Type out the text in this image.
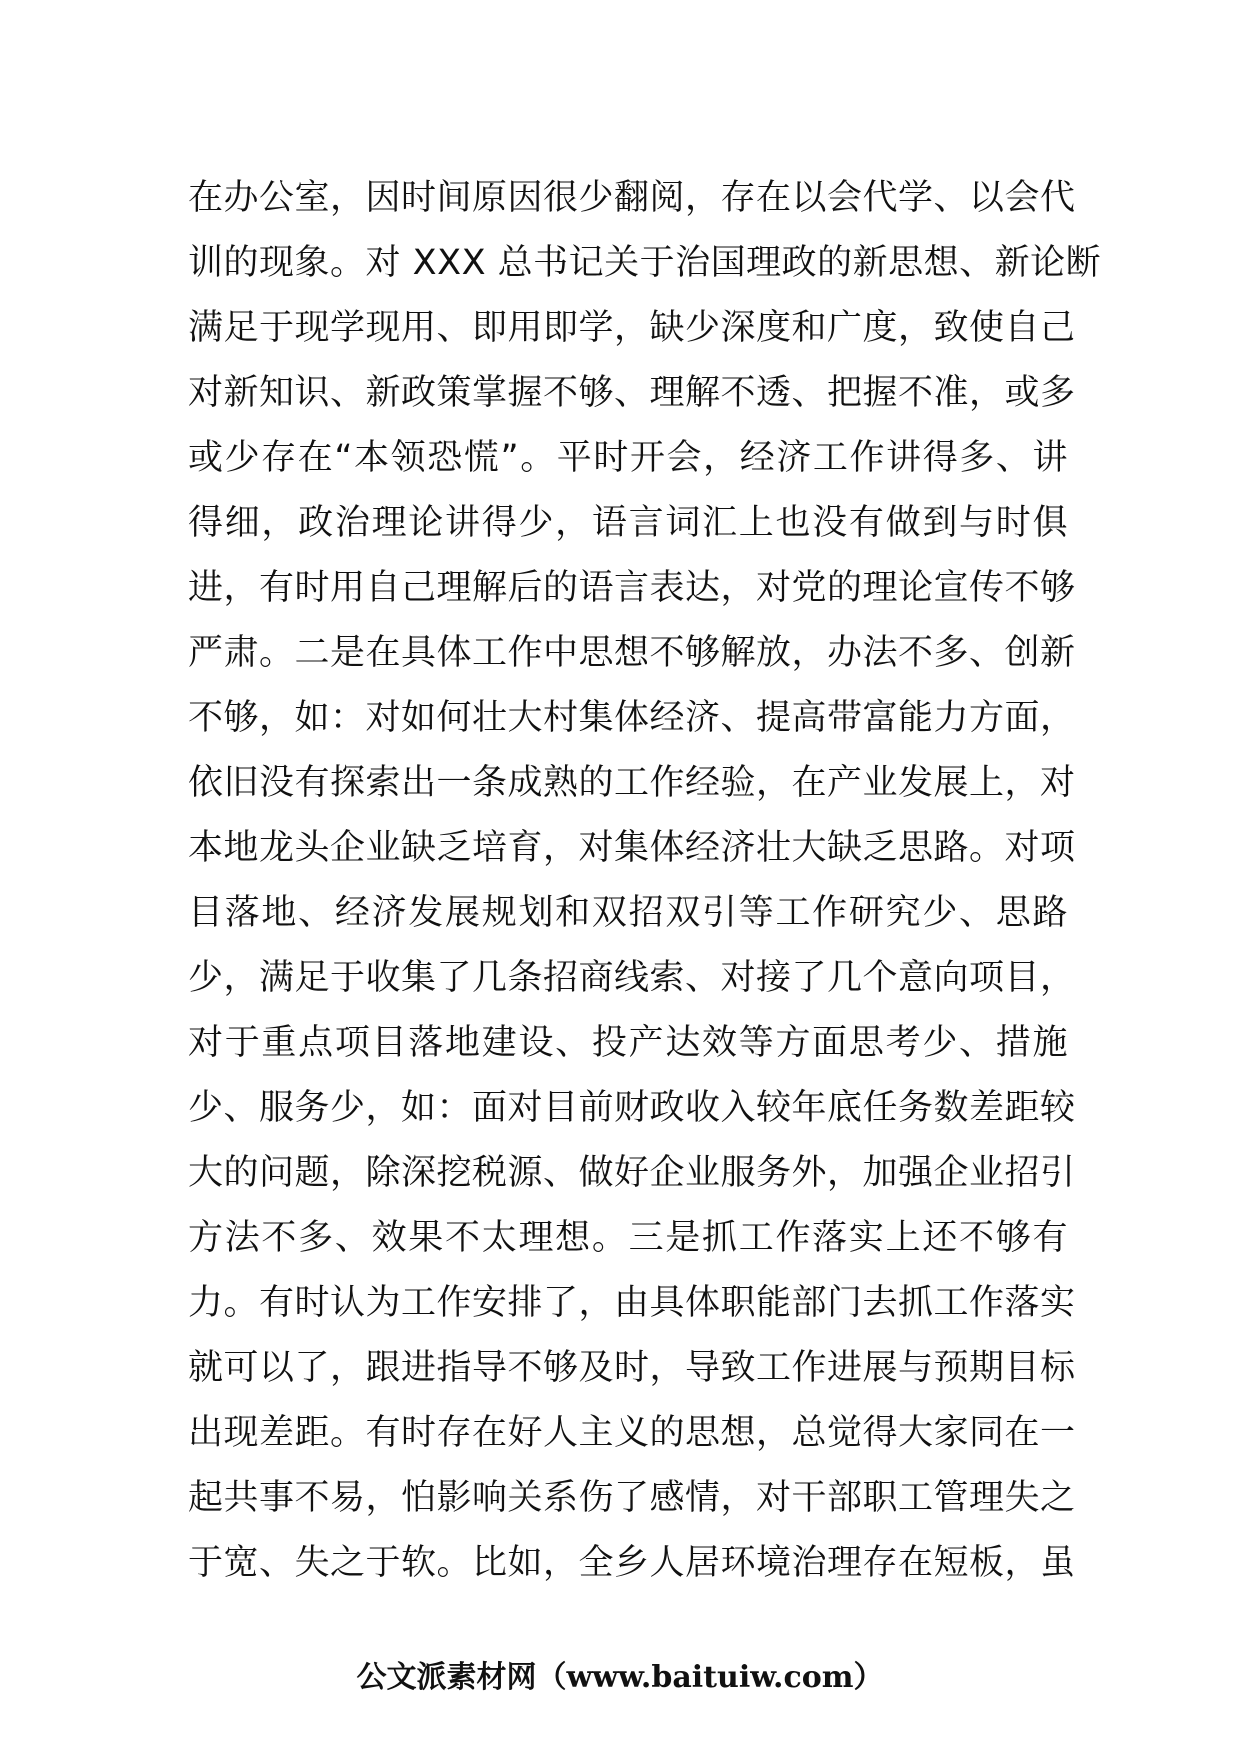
在办公室，因时间原因很少翻阅，存在以会代学、以会代
训的现象。对 XXX 总书记关于治国理政的新思想、新论断
满足于现学现用、即用即学，缺少深度和广度，致使自己
对新知识、新政策掌握不够、理解不透、把握不准，或多
或少存在“本领恐慌”。平时开会，经济工作讲得多、讲
得细，政治理论讲得少，语言词汇上也没有做到与时俱
进，有时用自己理解后的语言表达，对党的理论宣传不够
严肃。二是在具体工作中思想不够解放，办法不多、创新
不够，如：对如何壮大村集体经济、提高带富能力方面，
依旧没有探索出一条成熟的工作经验，在产业发展上，对
本地龙头企业缺乏培育，对集体经济壮大缺乏思路。对项
目落地、经济发展规划和双招双引等工作研究少、思路
少，满足于收集了几条招商线索、对接了几个意向项目，
对于重点项目落地建设、投产达效等方面思考少、措施
少、服务少，如：面对目前财政收入较年底任务数差距较
大的问题，除深挖税源、做好企业服务外，加强企业招引
方法不多、效果不太理想。三是抓工作落实上还不够有
力。有时认为工作安排了，由具体职能部门去抓工作落实
就可以了，跟进指导不够及时，导致工作进展与预期目标
出现差距。有时存在好人主义的思想，总觉得大家同在一
起共事不易，怕影响关系伤了感情，对干部职工管理失之
于宽、失之于软。比如，全乡人居环境治理存在短板，虽
公文派素材网（www.baituiw.com）
